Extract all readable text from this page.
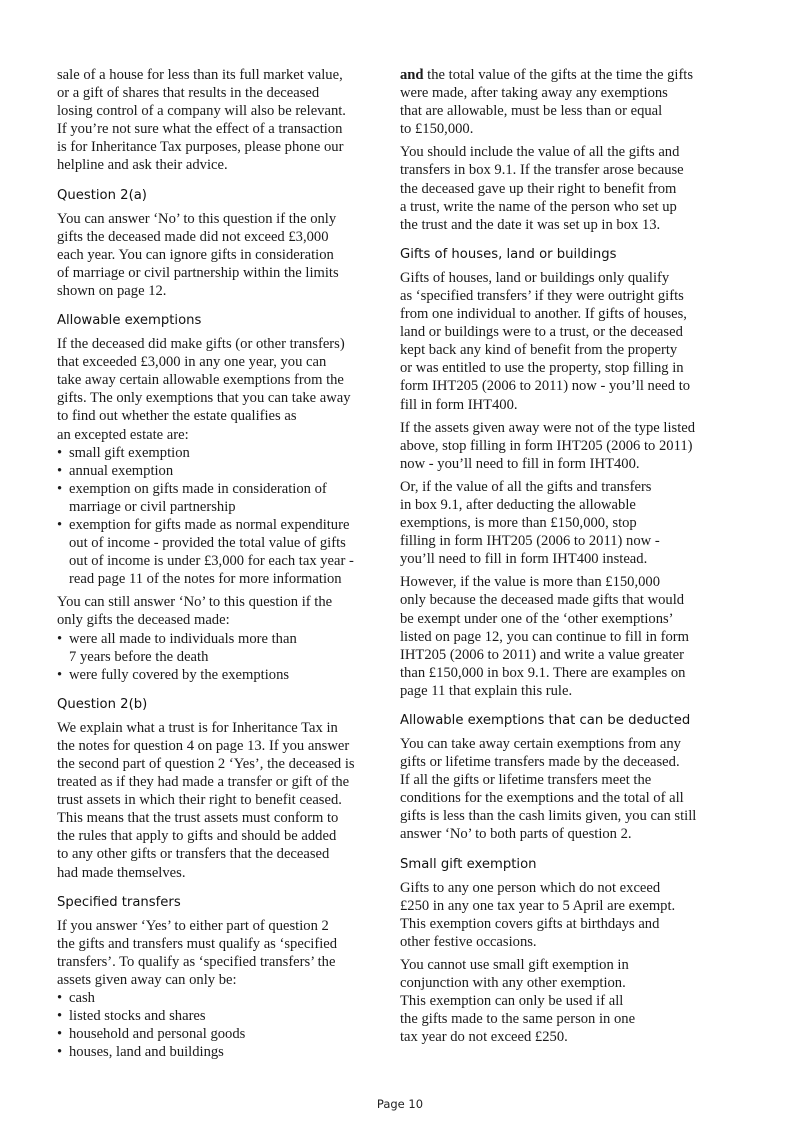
sale of a house for less than its full market value,
or a gift of shares that results in the deceased
losing control of a company will also be relevant.
If you’re not sure what the effect of a transaction
is for Inheritance Tax purposes, please phone our
helpline and ask their advice.
Question 2(a)
You can answer ‘No’ to this question if the only
gifts the deceased made did not exceed £3,000
each year. You can ignore gifts in consideration
of marriage or civil partnership within the limits
shown on page 12.
Allowable exemptions
If the deceased did make gifts (or other transfers)
that exceeded £3,000 in any one year, you can
take away certain allowable exemptions from the
gifts. The only exemptions that you can take away
to find out whether the estate qualifies as
an excepted estate are:
• small gift exemption
• annual exemption
• exemption on gifts made in consideration of
marriage or civil partnership
• exemption for gifts made as normal expenditure
out of income - provided the total value of gifts
out of income is under £3,000 for each tax year -
read page 11 of the notes for more information
You can still answer ‘No’ to this question if the
only gifts the deceased made:
• were all made to individuals more than
7 years before the death
• were fully covered by the exemptions
Question 2(b)
We explain what a trust is for Inheritance Tax in
the notes for question 4 on page 13. If you answer
the second part of question 2 ‘Yes’, the deceased is
treated as if they had made a transfer or gift of the
trust assets in which their right to benefit ceased.
This means that the trust assets must conform to
the rules that apply to gifts and should be added
to any other gifts or transfers that the deceased
had made themselves.
Specified transfers
If you answer ‘Yes’ to either part of question 2
the gifts and transfers must qualify as ‘specified
transfers’. To qualify as ‘specified transfers’ the
assets given away can only be:
• cash
• listed stocks and shares
• household and personal goods
• houses, land and buildings
and the total value of the gifts at the time the gifts
were made, after taking away any exemptions
that are allowable, must be less than or equal
to £150,000.
You should include the value of all the gifts and
transfers in box 9.1. If the transfer arose because
the deceased gave up their right to benefit from
a trust, write the name of the person who set up
the trust and the date it was set up in box 13.
Gifts of houses, land or buildings
Gifts of houses, land or buildings only qualify
as ‘specified transfers’ if they were outright gifts
from one individual to another. If gifts of houses,
land or buildings were to a trust, or the deceased
kept back any kind of benefit from the property
or was entitled to use the property, stop filling in
form IHT205 (2006 to 2011) now - you’ll need to
fill in form IHT400.
If the assets given away were not of the type listed
above, stop filling in form IHT205 (2006 to 2011)
now - you’ll need to fill in form IHT400.
Or, if the value of all the gifts and transfers
in box 9.1, after deducting the allowable
exemptions, is more than £150,000, stop
filling in form IHT205 (2006 to 2011) now -
you’ll need to fill in form IHT400 instead.
However, if the value is more than £150,000
only because the deceased made gifts that would
be exempt under one of the ‘other exemptions’
listed on page 12, you can continue to fill in form
IHT205 (2006 to 2011) and write a value greater
than £150,000 in box 9.1. There are examples on
page 11 that explain this rule.
Allowable exemptions that can be deducted
You can take away certain exemptions from any
gifts or lifetime transfers made by the deceased.
If all the gifts or lifetime transfers meet the
conditions for the exemptions and the total of all
gifts is less than the cash limits given, you can still
answer ‘No’ to both parts of question 2.
Small gift exemption
Gifts to any one person which do not exceed
£250 in any one tax year to 5 April are exempt.
This exemption covers gifts at birthdays and
other festive occasions.
You cannot use small gift exemption in
conjunction with any other exemption.
This exemption can only be used if all
the gifts made to the same person in one
tax year do not exceed £250.
Page 10
